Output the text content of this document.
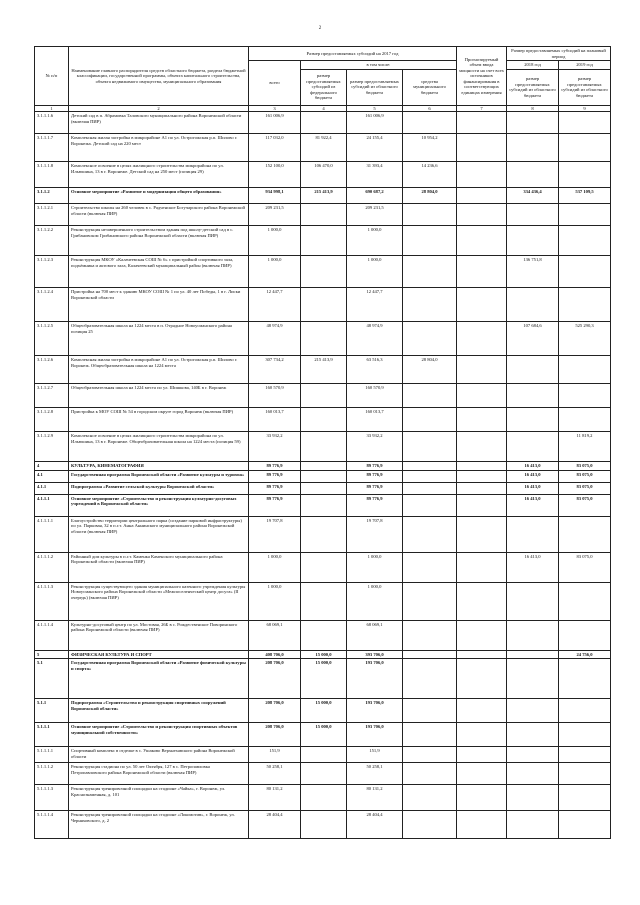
2
№ п/п	Наименование главного распорядителя средств областного бюджета, раздела бюджетной классификации, государственной программы, объекта капитального строительства, объекта недвижимого имущества, муниципального образования	Размер предоставляемых субсидий на 2017 год				Прогнозируемый объем ввода мощности на счет всех источников финансирования в соответствующих единицах измерения	Размер предоставляемых субсидий на плановый период	
		всего	в том числе:				2018 год	2019 год
			размер предоставляемых субсидий из федерального бюджета	размер предоставляемых субсидий из областного бюджета	средства муниципального бюджета		размер предоставляемых субсидий из областного бюджета	размер предоставляемых субсидий из областного бюджета
1	2	3	4	5	6	7	8	9
3.1.1.1.6	Детский сад в п. Абрамовка Таловского муниципального района Воронежской области (включая ПИР)	161 006,9		161 006,9				
3.1.1.1.7	Комплексная жилая застройка в микрорайоне А1 по ул. Острогожская р.п. Шилово г. Воронежа. Детский сад на 220 мест	117 032,0	81 922,4	24 155,4	10 954,2			
3.1.1.1.8	Комплексное освоение в целях жилищного строительства микрорайона по ул. Ильюшина, 13 в г. Воронеже. Детский сад на 250 мест (позиция 29)	152 100,0	106 470,0	31 393,4	14 236,6			
3.1.1.2	Основное мероприятие «Развитие и модернизация общего образования»	934 998,1	215 413,9	690 687,2	28 804,0		334 436,4	537 109,5
3.1.1.2.1	Строительство школы на 260 человек в с. Радченское Богучарского района Воронежской области (включая ПИР)	209 231,5		209 231,5				
3.1.1.2.2	Реконструкция незавершенного строительством здания под школу-детский сад в с. Грибановском Грибановского района Воронежской области (включая ПИР)	1 000,0		1 000,0				
3.1.1.2.3	Реконструкция МКОУ «Калачеевская СОШ № 6» с пристройкой спортивного зала, подъёмника и актового зала, Калачеевский муниципальный район (включая ПИР)	1 000,0		1 000,0			136 751,8	
3.1.1.2.4	Пристройка на 700 мест к зданию МКОУ СОШ № 1 по ул. 40 лет Победы, 1 в г. Лиски Воронежской области	12 447,7		12 447,7				
3.1.1.2.5	Общеобразовательная школа на 1224 места в п. Отрадное Новоусманского района позиция 25	48 974,9		48 974,9			107 684,6	525 290,3
3.1.1.2.6	Комплексная жилая застройка в микрорайоне А1 по ул. Острогожская р.п. Шилово г. Воронеж. Общеобразовательная школа на 1224 места	307 734,2	215 413,9	63 516,3	28 804,0			
3.1.1.2.7	Общеобразовательная школа на 1224 места по ул. Шишкова, 140Б в г. Воронеж	160 570,9		160 570,9				
3.1.1.2.8	Пристройка к МОУ СОШ № 54 в городском округе город Воронеж (включая ПИР)	160 013,7		160 013,7				
3.1.1.2.9	Комплексное освоение в целях жилищного строительства микрорайона по ул. Ильюшина, 13 в г. Воронеже. Общеобразовательная школа на 1224 места (позиция 59)	33 932,2		33 932,2				11 819,2
4	КУЛЬТУРА, КИНЕМАТОГРАФИЯ	89 776,9		89 776,9			16 413,0	83 075,0
4.1	Государственная программа Воронежской области «Развитие культуры и туризма»	89 776,9		89 776,9			16 413,0	83 075,0
4.1.1	Подпрограмма «Развитие сельской культуры Воронежской области»	89 776,9		89 776,9			16 413,0	83 075,0
4.1.1.1	Основное мероприятие «Строительство и реконструкция культурно-досуговых учреждений в Воронежской области»	89 776,9		89 776,9			16 413,0	83 075,0
4.1.1.1.1	Благоустройство территории центрального парка (создание парковой инфраструктуры) по ул. Парковая, 32 в п.г.т. Анна Аннинского муниципального района Воронежской области (включая ПИР)	19 707,8		19 707,8				
4.1.1.1.2	Районный дом культуры в п.г.т. Каменка Каменского муниципального района Воронежской области (включая ПИР)	1 000,0		1 000,0			16 413,0	83 075,0
4.1.1.1.3	Реконструкция существующего здания муниципального казенного учреждения культуры Новоусманского района Воронежской области «Межпоселенческий центр досуга» (II очередь) (включая ПИР)	1 000,0		1 000,0				
4.1.1.1.4	Культурно-досуговый центр по ул. Мостовая, 26Б в с. Рождественское Поворинского района Воронежской области (включая ПИР)	68 069,1		68 069,1				
5	ФИЗИЧЕСКАЯ КУЛЬТУРА И СПОРТ	408 706,0	15 000,0	393 706,0				24 756,0
5.1	Государственная программа Воронежской области «Развитие физической культуры и спорта»	208 706,0	15 000,0	193 706,0				
5.1.1	Подпрограмма «Строительство и реконструкция спортивных сооружений Воронежской области»	208 706,0	15 000,0	193 706,0				
5.1.1.1	Основное мероприятие «Строительство и реконструкция спортивных объектов муниципальной собственности»	208 706,0	15 000,0	193 706,0				
5.1.1.1.1	Спортивный комплекс в отделке в с. Ушаково Верхнехавского района Воронежской области	151,9		151,9				
5.1.1.1.2	Реконструкция стадиона по ул. 50 лет Октября, 127 в с. Петропавловка Петропавловского района Воронежской области (включая ПИР)	50 258,1		50 258,1				
5.1.1.1.3	Реконструкция тренировочной площадки на стадионе «Чайка», г. Воронеж, ул. Краснознаменная, д. 101	80 131,2		80 131,2				
5.1.1.1.4	Реконструкция тренировочной площадки на стадионе «Локомотив», г. Воронеж, ул. Черняховского, д. 2	28 404,4		28 404,4				
